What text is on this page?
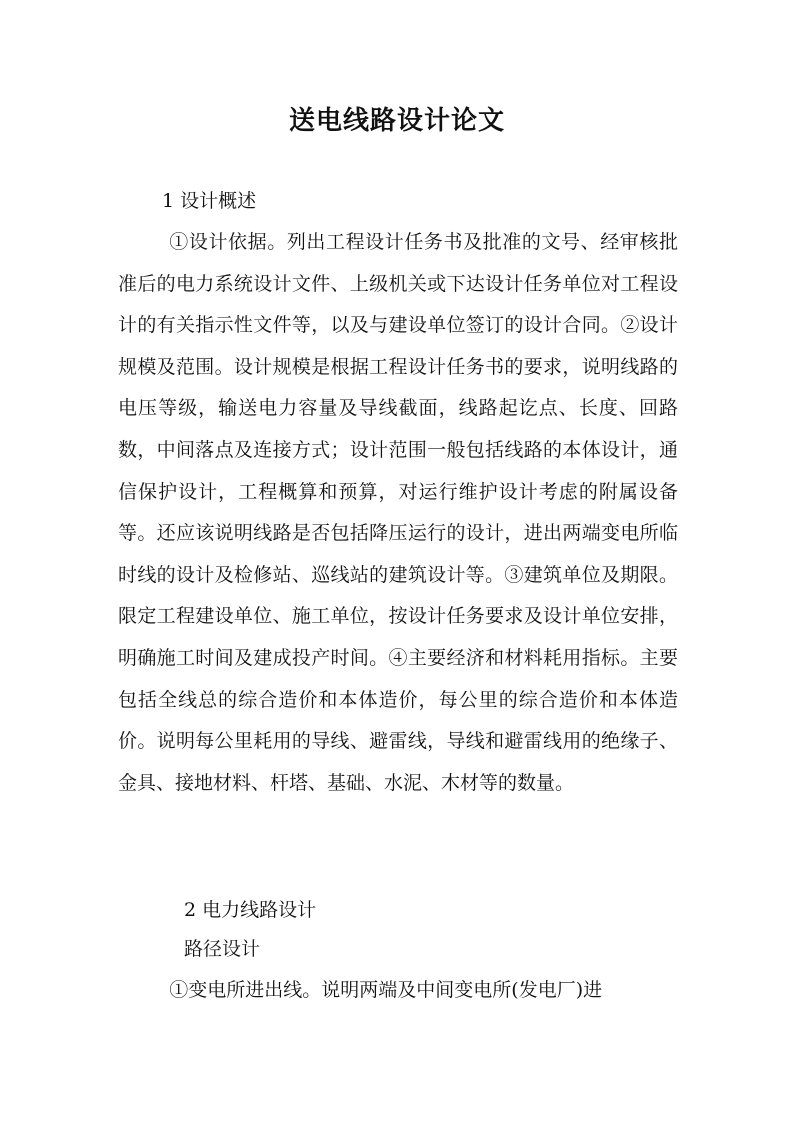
送电线路设计论文
1 设计概述

①设计依据。列出工程设计任务书及批准的文号、经审核批准后的电力系统设计文件、上级机关或下达设计任务单位对工程设计的有关指示性文件等，以及与建设单位签订的设计合同。②设计规模及范围。设计规模是根据工程设计任务书的要求，说明线路的电压等级，输送电力容量及导线截面，线路起讫点、长度、回路数，中间落点及连接方式；设计范围一般包括线路的本体设计，通信保护设计，工程概算和预算，对运行维护设计考虑的附属设备等。还应该说明线路是否包括降压运行的设计，进出两端变电所临时线的设计及检修站、巡线站的建筑设计等。③建筑单位及期限。限定工程建设单位、施工单位，按设计任务要求及设计单位安排，明确施工时间及建成投产时间。④主要经济和材料耗用指标。主要包括全线总的综合造价和本体造价，每公里的综合造价和本体造价。说明每公里耗用的导线、避雷线，导线和避雷线用的绝缘子、金具、接地材料、杆塔、基础、水泥、木材等的数量。

2 电力线路设计
路径设计

①变电所进出线。说明两端及中间变电所(发电厂)进
